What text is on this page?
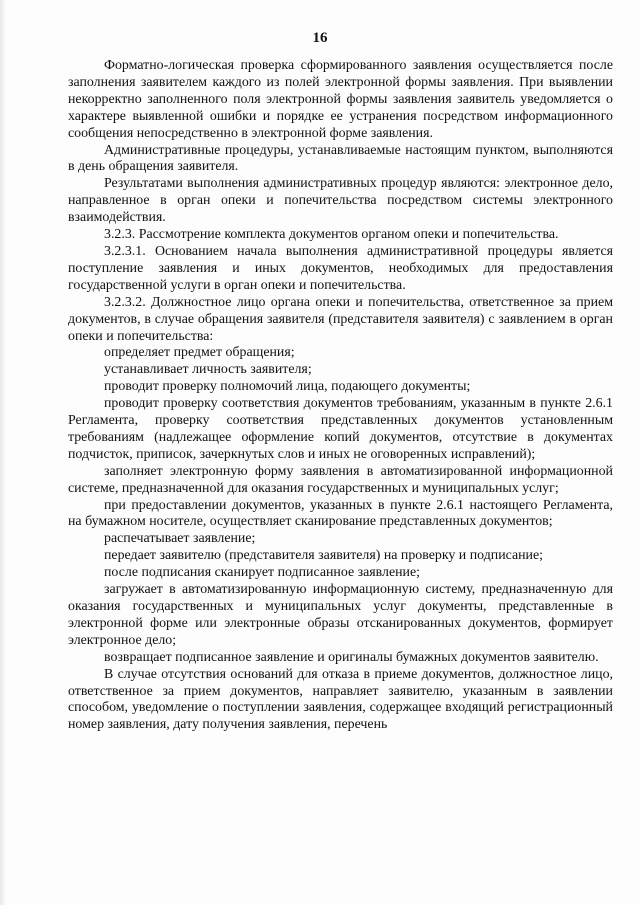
16

Форматно-логическая проверка сформированного заявления осуществляется после заполнения заявителем каждого из полей электронной формы заявления. При выявлении некорректно заполненного поля электронной формы заявления заявитель уведомляется о характере выявленной ошибки и порядке ее устранения посредством информационного сообщения непосредственно в электронной форме заявления.

Административные процедуры, устанавливаемые настоящим пунктом, выполняются в день обращения заявителя.

Результатами выполнения административных процедур являются: электронное дело, направленное в орган опеки и попечительства посредством системы электронного взаимодействия.

3.2.3. Рассмотрение комплекта документов органом опеки и попечительства.

3.2.3.1. Основанием начала выполнения административной процедуры является поступление заявления и иных документов, необходимых для предоставления государственной услуги в орган опеки и попечительства.

3.2.3.2. Должностное лицо органа опеки и попечительства, ответственное за прием документов, в случае обращения заявителя (представителя заявителя) с заявлением в орган опеки и попечительства:

определяет предмет обращения;

устанавливает личность заявителя;

проводит проверку полномочий лица, подающего документы;

проводит проверку соответствия документов требованиям, указанным в пункте 2.6.1 Регламента, проверку соответствия представленных документов установленным требованиям (надлежащее оформление копий документов, отсутствие в документах подчисток, приписок, зачеркнутых слов и иных не оговоренных исправлений);

заполняет электронную форму заявления в автоматизированной информационной системе, предназначенной для оказания государственных и муниципальных услуг;

при предоставлении документов, указанных в пункте 2.6.1 настоящего Регламента, на бумажном носителе, осуществляет сканирование представленных документов;

распечатывает заявление;

передает заявителю (представителя заявителя) на проверку и подписание;

после подписания сканирует подписанное заявление;

загружает в автоматизированную информационную систему, предназначенную для оказания государственных и муниципальных услуг документы, представленные в электронной форме или электронные образы отсканированных документов, формирует электронное дело;

возвращает подписанное заявление и оригиналы бумажных документов заявителю.

В случае отсутствия оснований для отказа в приеме документов, должностное лицо, ответственное за прием документов, направляет заявителю, указанным в заявлении способом, уведомление о поступлении заявления, содержащее входящий регистрационный номер заявления, дату получения заявления, перечень
